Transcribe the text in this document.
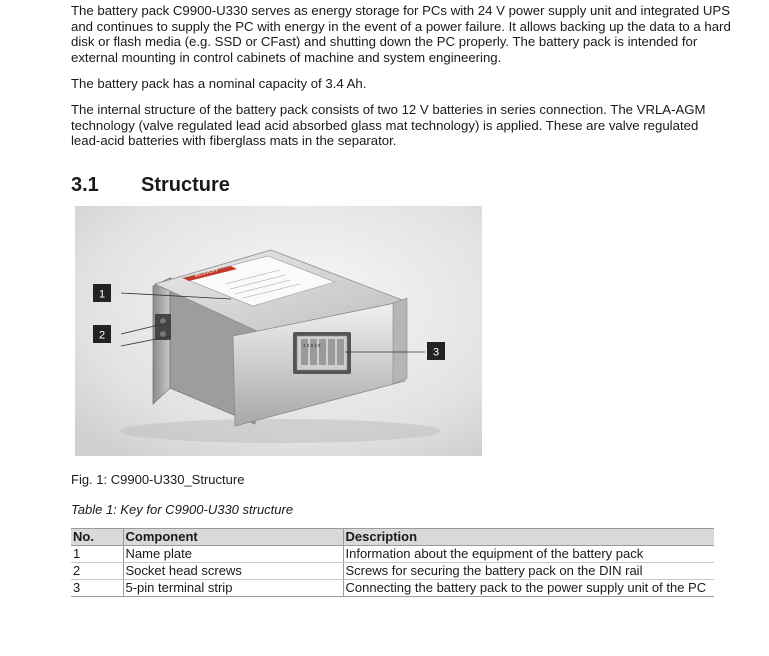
The battery pack C9900-U330 serves as energy storage for PCs with 24 V power supply unit and integrated UPS and continues to supply the PC with energy in the event of a power failure. It allows backing up the data to a hard disk or flash media (e.g. SSD or CFast) and shutting down the PC properly. The battery pack is intended for external mounting in control cabinets of machine and system engineering.

The battery pack has a nominal capacity of 3.4 Ah.

The internal structure of the battery pack consists of two 12 V batteries in series connection. The VRLA-AGM technology (valve regulated lead acid absorbed glass mat technology) is applied. These are valve regulated lead-acid batteries with fiberglass mats in the separator.

3.1 Structure
BECKHOFF
1 2 3 4 5
1
2
3
Fig. 1: C9900-U330_Structure
Table 1: Key for C9900-U330 structure
No.	Component	Description
1	Name plate	Information about the equipment of the battery pack
2	Socket head screws	Screws for securing the battery pack on the DIN rail
3	5-pin terminal strip	Connecting the battery pack to the power supply unit of the PC
